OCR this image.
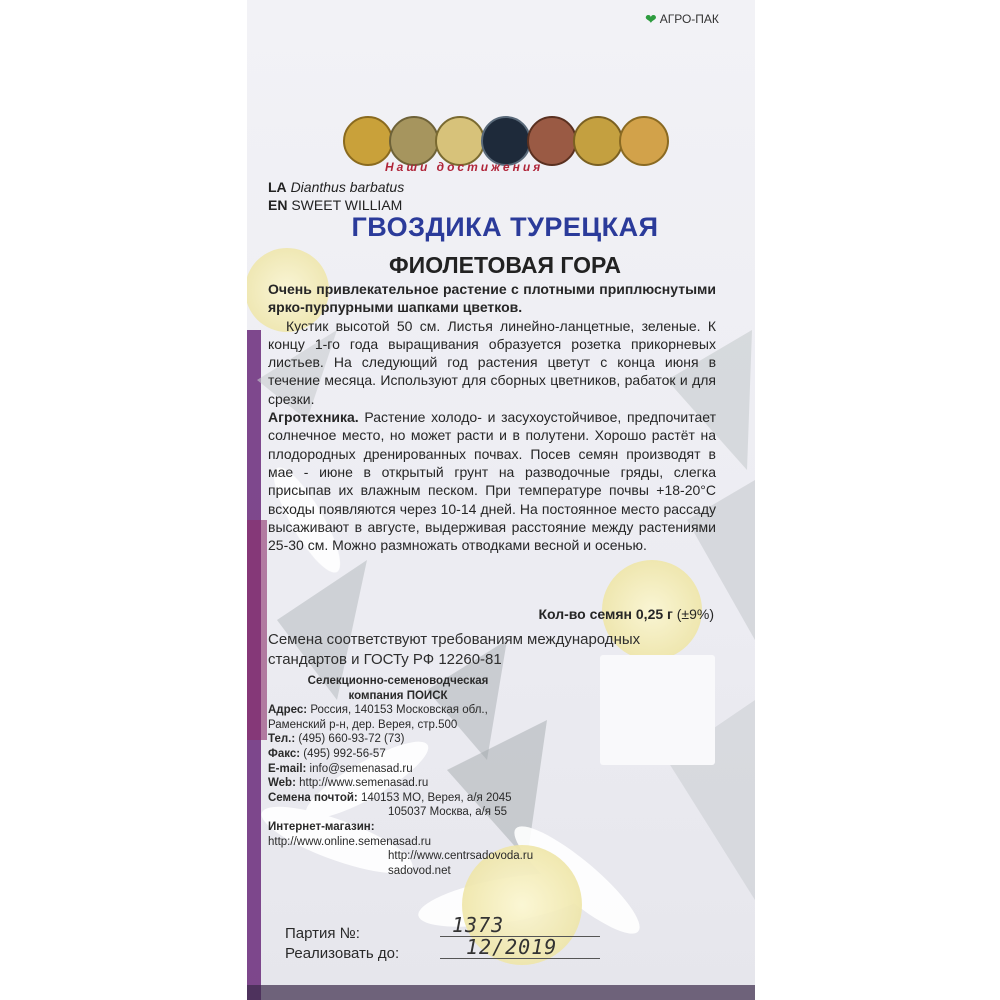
❤ АГРО-ПАК
Наши достижения
LA Dianthus barbatus
EN SWEET WILLIAM
ГВОЗДИКА ТУРЕЦКАЯ
ФИОЛЕТОВАЯ ГОРА

Очень привлекательное растение с плотными приплюснутыми ярко-пурпурными шапками цветков.

Кустик высотой 50 см. Листья линейно-ланцетные, зеленые. К концу 1-го года выращивания образуется розетка прикорневых листьев. На следующий год растения цветут с конца июня в течение месяца. Используют для сборных цветников, рабаток и для срезки.

Агротехника. Растение холодо- и засухоустойчивое, предпочитает солнечное место, но может расти и в полутени. Хорошо растёт на плодородных дренированных почвах. Посев семян производят в мае - июне в открытый грунт на разводочные гряды, слегка присыпав их влажным песком. При температуре почвы +18-20°С всходы появляются через 10-14 дней. На постоянное место рассаду высаживают в августе, выдерживая расстояние между растениями 25-30 см. Можно размножать отводками весной и осенью.

Кол-во семян 0,25 г (±9%)
Семена соответствуют требованиям международных стандартов и ГОСТу РФ 12260-81
Селекционно-семеноводческая
компания ПОИСК
Адрес: Россия, 140153 Московская обл.,
Раменский р-н, дер. Верея, стр.500
Тел.: (495) 660-93-72 (73)
Факс: (495) 992-56-57
E-mail: info@semenasad.ru
Web: http://www.semenasad.ru
Семена почтой: 140153 МО, Верея, а/я 2045
105037 Москва, а/я 55
Интернет-магазин: http://www.online.semenasad.ru
http://www.centrsadovoda.ru
sadovod.net
Партия №:
Реализовать до:
1373
12/2019
